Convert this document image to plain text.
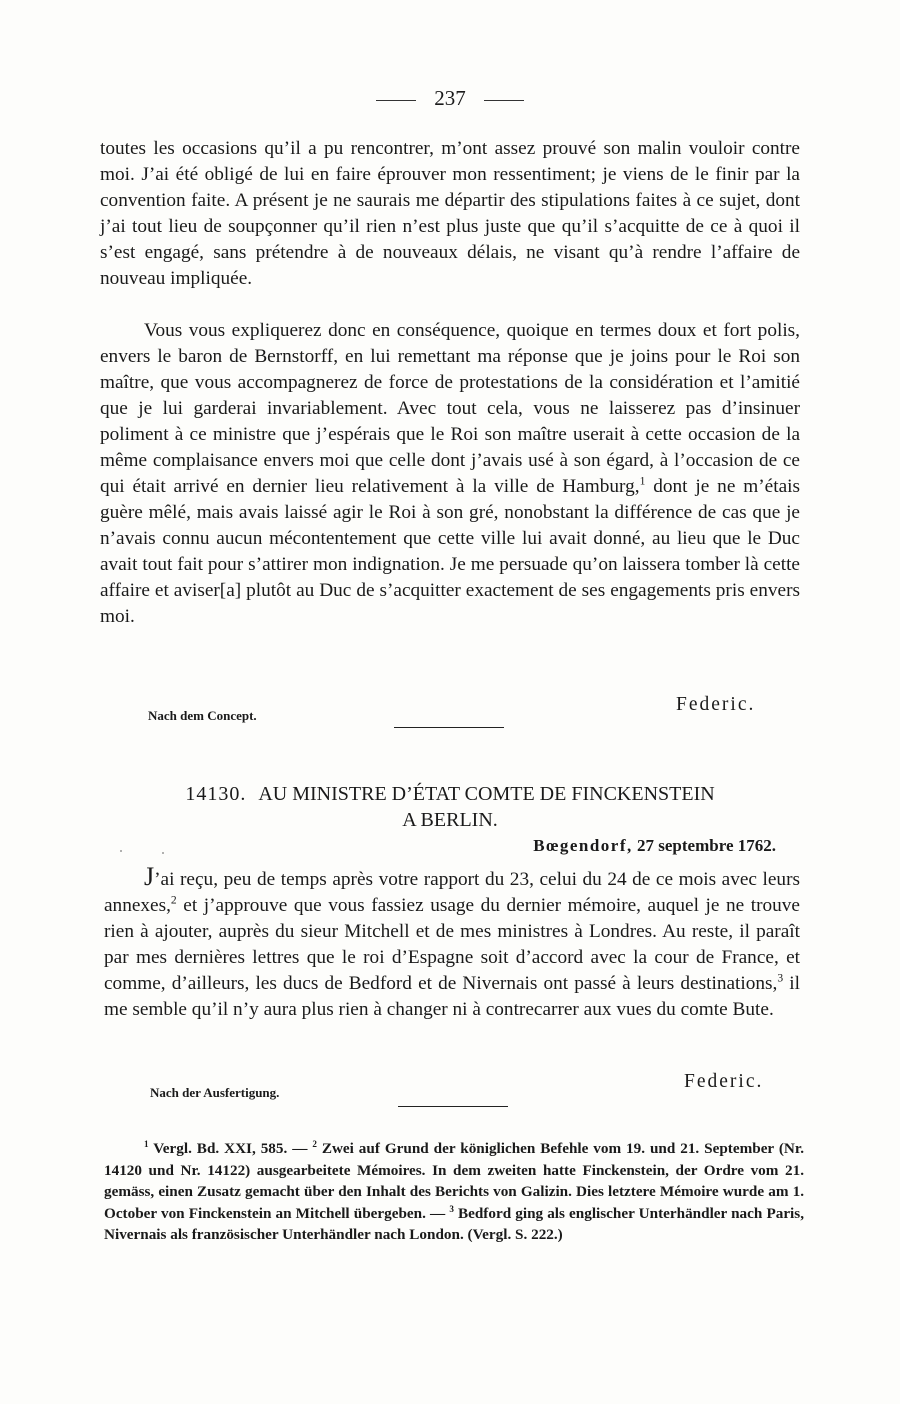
237

toutes les occasions qu’il a pu rencontrer, m’ont assez prouvé son malin vouloir contre moi. J’ai été obligé de lui en faire éprouver mon ressentiment; je viens de le finir par la convention faite. A présent je ne saurais me départir des stipulations faites à ce sujet, dont j’ai tout lieu de soupçonner qu’il rien n’est plus juste que qu’il s’acquitte de ce à quoi il s’est engagé, sans prétendre à de nouveaux délais, ne visant qu’à rendre l’affaire de nouveau impliquée.

Vous vous expliquerez donc en conséquence, quoique en termes doux et fort polis, envers le baron de Bernstorff, en lui remettant ma réponse que je joins pour le Roi son maître, que vous accompagnerez de force de protestations de la considération et l’amitié que je lui garderai invariablement. Avec tout cela, vous ne laisserez pas d’insinuer poliment à ce ministre que j’espérais que le Roi son maître userait à cette occasion de la même complaisance envers moi que celle dont j’avais usé à son égard, à l’occasion de ce qui était arrivé en dernier lieu relativement à la ville de Hamburg,$^1$ dont je ne m’étais guère mêlé, mais avais laissé agir le Roi à son gré, nonobstant la différence de cas que je n’avais connu aucun mécontentement que cette ville lui avait donné, au lieu que le Duc avait tout fait pour s’attirer mon indignation. Je me persuade qu’on laissera tomber là cette affaire et aviser[a] plutôt au Duc de s’acquitter exactement de ses engagements pris envers moi.

Nach dem Concept.
Federic.
14130. AU MINISTRE D’ÉTAT COMTE DE FINCKENSTEIN
A BERLIN.
Bœgendorf, 27 septembre 1762.

J’ai reçu, peu de temps après votre rapport du 23, celui du 24 de ce mois avec leurs annexes,$^2$ et j’approuve que vous fassiez usage du dernier mémoire, auquel je ne trouve rien à ajouter, auprès du sieur Mitchell et de mes ministres à Londres. Au reste, il paraît par mes dernières lettres que le roi d’Espagne soit d’accord avec la cour de France, et comme, d’ailleurs, les ducs de Bedford et de Nivernais ont passé à leurs destinations,$^3$ il me semble qu’il n’y aura plus rien à changer ni à contrecarrer aux vues du comte Bute.

Nach der Ausfertigung.
Federic.

$^1$ Vergl. Bd. XXI, 585. — $^2$ Zwei auf Grund der königlichen Befehle vom 19. und 21. September (Nr. 14120 und Nr. 14122) ausgearbeitete Mémoires. In dem zweiten hatte Finckenstein, der Ordre vom 21. gemäss, einen Zusatz gemacht über den Inhalt des Berichts von Galizin. Dies letztere Mémoire wurde am 1. October von Finckenstein an Mitchell übergeben. — $^3$ Bedford ging als englischer Unterhändler nach Paris, Nivernais als französischer Unterhändler nach London. (Vergl. S. 222.)
